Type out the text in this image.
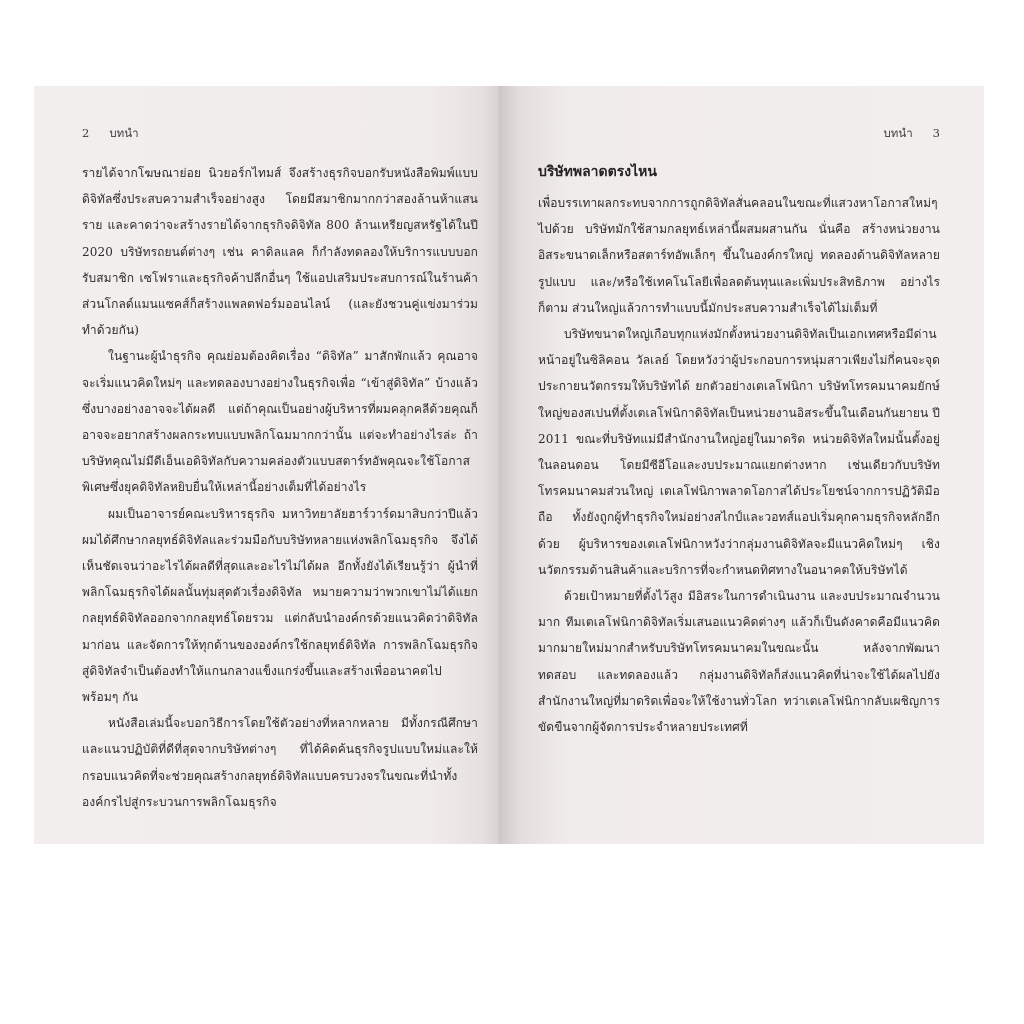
2 บทนำ

รายได้จากโฆษณาย่อย นิวยอร์กไทมส์ จึงสร้างธุรกิจบอกรับหนังสือพิมพ์แบบดิจิทัลซึ่งประสบความสำเร็จอย่างสูง โดยมีสมาชิกมากกว่าสองล้านห้าแสนราย และคาดว่าจะสร้างรายได้จากธุรกิจดิจิทัล 800 ล้านเหรียญสหรัฐได้ในปี 2020 บริษัทรถยนต์ต่างๆ เช่น คาดิลแลค ก็กำลังทดลองให้บริการแบบบอกรับสมาชิก เซโฟราและธุรกิจค้าปลีกอื่นๆ ใช้แอปเสริมประสบการณ์ในร้านค้า ส่วนโกลด์แมนแซคส์ก็สร้างแพลตฟอร์มออนไลน์ (และยังชวนคู่แข่งมาร่วมทำด้วยกัน)

ในฐานะผู้นำธุรกิจ คุณย่อมต้องคิดเรื่อง “ดิจิทัล” มาสักพักแล้ว คุณอาจจะเริ่มแนวคิดใหม่ๆ และทดลองบางอย่างในธุรกิจเพื่อ “เข้าสู่ดิจิทัล” บ้างแล้ว ซึ่งบางอย่างอาจจะได้ผลดี แต่ถ้าคุณเป็นอย่างผู้บริหารที่ผมคลุกคลีด้วยคุณก็อาจจะอยากสร้างผลกระทบแบบพลิกโฉมมากกว่านั้น แต่จะทำอย่างไรล่ะ ถ้าบริษัทคุณไม่มีดีเอ็นเอดิจิทัลกับความคล่องตัวแบบสตาร์ทอัพคุณจะใช้โอกาสพิเศษซึ่งยุคดิจิทัลหยิบยื่นให้เหล่านี้อย่างเต็มที่ได้อย่างไร

ผมเป็นอาจารย์คณะบริหารธุรกิจ มหาวิทยาลัยฮาร์วาร์ดมาสิบกว่าปีแล้ว ผมได้ศึกษากลยุทธ์ดิจิทัลและร่วมมือกับบริษัทหลายแห่งพลิกโฉมธุรกิจ จึงได้เห็นชัดเจนว่าอะไรได้ผลดีที่สุดและอะไรไม่ได้ผล อีกทั้งยังได้เรียนรู้ว่า ผู้นำที่พลิกโฉมธุรกิจได้ผลนั้นทุ่มสุดตัวเรื่องดิจิทัล หมายความว่าพวกเขาไม่ได้แยกกลยุทธ์ดิจิทัลออกจากกลยุทธ์โดยรวม แต่กลับนำองค์กรด้วยแนวคิดว่าดิจิทัลมาก่อน และจัดการให้ทุกด้านขององค์กรใช้กลยุทธ์ดิจิทัล การพลิกโฉมธุรกิจสู่ดิจิทัลจำเป็นต้องทำให้แกนกลางแข็งแกร่งขึ้นและสร้างเพื่ออนาคตไปพร้อมๆ กัน

หนังสือเล่มนี้จะบอกวิธีการโดยใช้ตัวอย่างที่หลากหลาย มีทั้งกรณีศึกษาและแนวปฏิบัติที่ดีที่สุดจากบริษัทต่างๆ ที่ได้คิดค้นธุรกิจรูปแบบใหม่และให้กรอบแนวคิดที่จะช่วยคุณสร้างกลยุทธ์ดิจิทัลแบบครบวงจรในขณะที่นำทั้งองค์กรไปสู่กระบวนการพลิกโฉมธุรกิจ

บทนำ 3
บริษัทพลาดตรงไหน

เพื่อบรรเทาผลกระทบจากการถูกดิจิทัลสั่นคลอนในขณะที่แสวงหาโอกาสใหม่ๆ ไปด้วย บริษัทมักใช้สามกลยุทธ์เหล่านี้ผสมผสานกัน นั่นคือ สร้างหน่วยงานอิสระขนาดเล็กหรือสตาร์ทอัพเล็กๆ ขึ้นในองค์กรใหญ่ ทดลองด้านดิจิทัลหลายรูปแบบ และ/หรือใช้เทคโนโลยีเพื่อลดต้นทุนและเพิ่มประสิทธิภาพ อย่างไรก็ตาม ส่วนใหญ่แล้วการทำแบบนี้มักประสบความสำเร็จได้ไม่เต็มที่

บริษัทขนาดใหญ่เกือบทุกแห่งมักตั้งหน่วยงานดิจิทัลเป็นเอกเทศหรือมีด่านหน้าอยู่ในซิลิคอน วัลเลย์ โดยหวังว่าผู้ประกอบการหนุ่มสาวเพียงไม่กี่คนจะจุดประกายนวัตกรรมให้บริษัทได้ ยกตัวอย่างเตเลโฟนิกา บริษัทโทรคมนาคมยักษ์ใหญ่ของสเปนที่ตั้งเตเลโฟนิกาดิจิทัลเป็นหน่วยงานอิสระขึ้นในเดือนกันยายน ปี 2011 ขณะที่บริษัทแม่มีสำนักงานใหญ่อยู่ในมาดริด หน่วยดิจิทัลใหม่นั้นตั้งอยู่ในลอนดอน โดยมีซีอีโอและงบประมาณแยกต่างหาก เช่นเดียวกับบริษัทโทรคมนาคมส่วนใหญ่ เตเลโฟนิกาพลาดโอกาสได้ประโยชน์จากการปฏิวัติมือถือ ทั้งยังถูกผู้ทำธุรกิจใหม่อย่างสไกป์และวอทส์แอปเริ่มคุกคามธุรกิจหลักอีกด้วย ผู้บริหารของเตเลโฟนิกาหวังว่ากลุ่มงานดิจิทัลจะมีแนวคิดใหม่ๆ เชิงนวัตกรรมด้านสินค้าและบริการที่จะกำหนดทิศทางในอนาคตให้บริษัทได้

ด้วยเป้าหมายที่ตั้งไว้สูง มีอิสระในการดำเนินงาน และงบประมาณจำนวนมาก ทีมเตเลโฟนิกาดิจิทัลเริ่มเสนอแนวคิดต่างๆ แล้วก็เป็นดังคาดคือมีแนวคิดมากมายใหม่มากสำหรับบริษัทโทรคมนาคมในขณะนั้น หลังจากพัฒนา ทดสอบ และทดลองแล้ว กลุ่มงานดิจิทัลก็ส่งแนวคิดที่น่าจะใช้ได้ผลไปยังสำนักงานใหญ่ที่มาดริดเพื่อจะให้ใช้งานทั่วโลก ทว่าเตเลโฟนิกากลับเผชิญการขัดขืนจากผู้จัดการประจำหลายประเทศที่
